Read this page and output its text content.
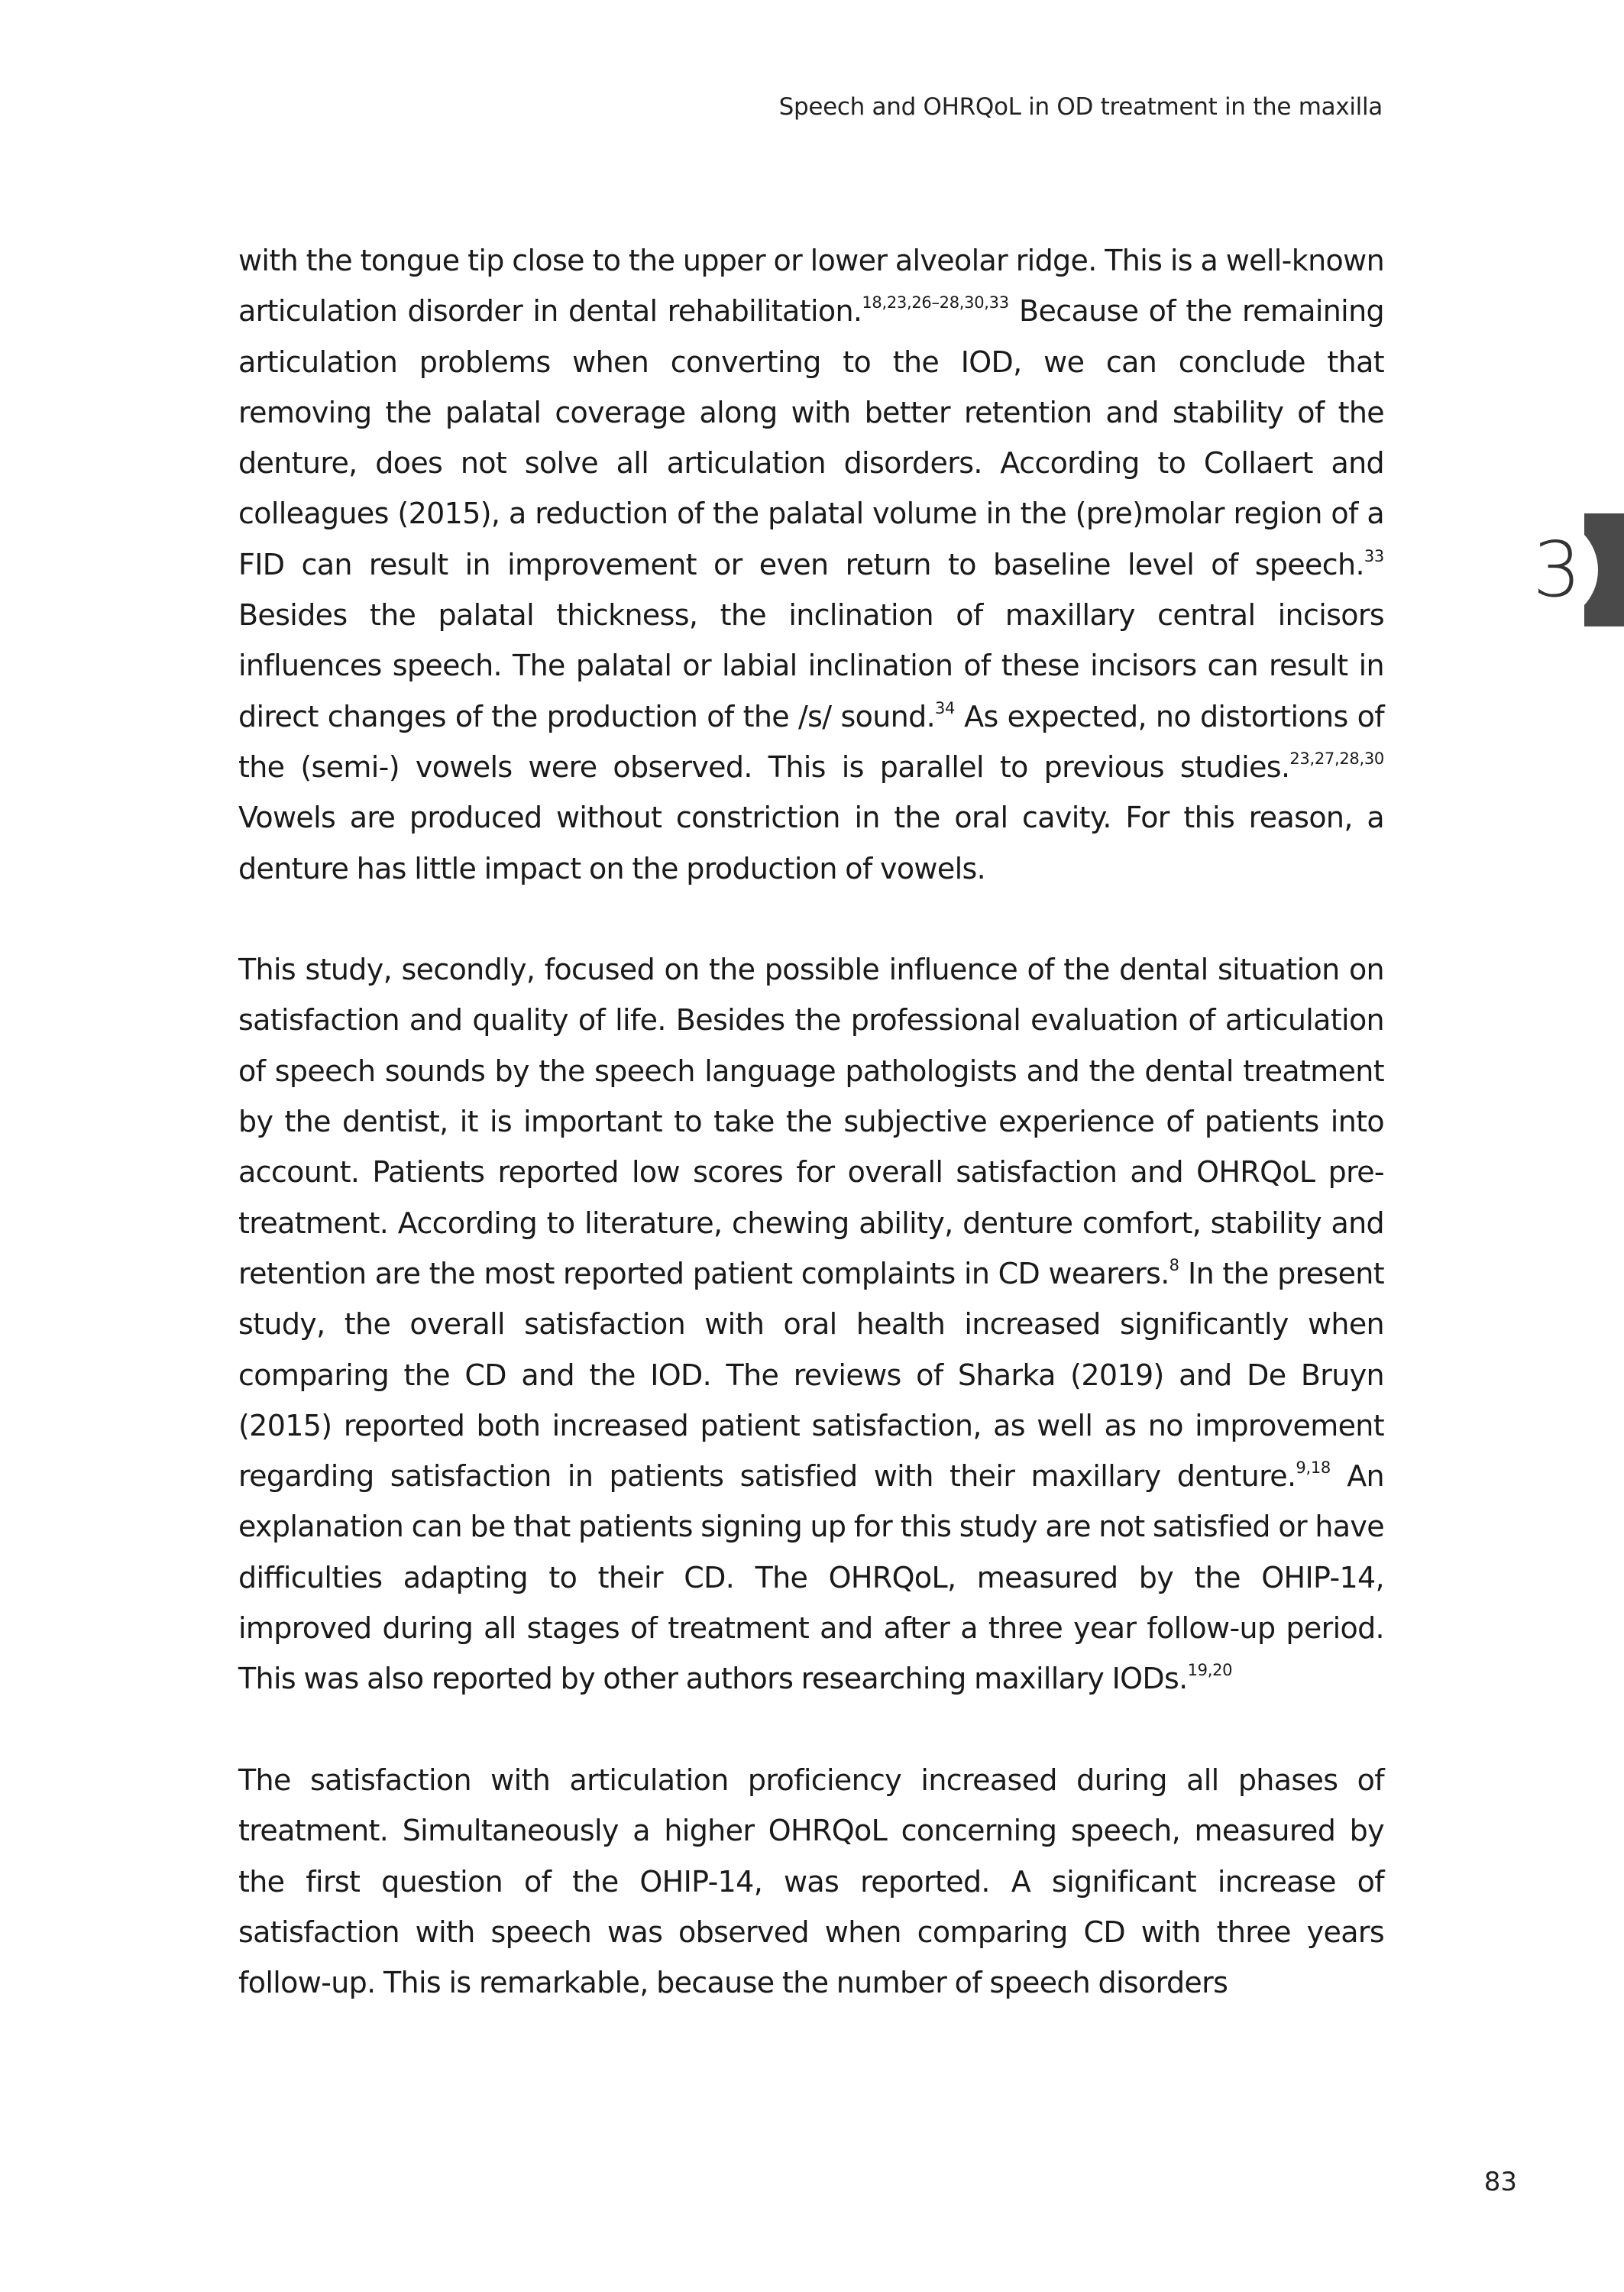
Speech and OHRQoL in OD treatment in the maxilla
3

with the tongue tip close to the upper or lower alveolar ridge. This is a well-known articulation disorder in dental rehabilitation.$^{18,23,26-28,30,33}$ Because of the remaining articulation problems when converting to the IOD, we can conclude that removing the palatal coverage along with better retention and stability of the denture, does not solve all articulation disorders. According to Collaert and colleagues (2015), a reduction of the palatal volume in the (pre)molar region of a FID can result in improvement or even return to baseline level of speech.$^{33}$ Besides the palatal thickness, the inclination of maxillary central incisors influences speech. The palatal or labial inclination of these incisors can result in direct changes of the production of the /s/ sound.$^{34}$ As expected, no distortions of the (semi-) vowels were observed. This is parallel to previous studies.$^{23,27,28,30}$ Vowels are produced without constriction in the oral cavity. For this reason, a denture has little impact on the production of vowels.

This study, secondly, focused on the possible influence of the dental situation on satisfaction and quality of life. Besides the professional evaluation of articulation of speech sounds by the speech language pathologists and the dental treatment by the dentist, it is important to take the subjective experience of patients into account. Patients reported low scores for overall satisfaction and OHRQoL pre-treatment. According to literature, chewing ability, denture comfort, stability and retention are the most reported patient complaints in CD wearers.$^8$ In the present study, the overall satisfaction with oral health increased significantly when comparing the CD and the IOD. The reviews of Sharka (2019) and De Bruyn (2015) reported both increased patient satisfaction, as well as no improvement regarding satisfaction in patients satisfied with their maxillary denture.$^{9,18}$ An explanation can be that patients signing up for this study are not satisfied or have difficulties adapting to their CD. The OHRQoL, measured by the OHIP-14, improved during all stages of treatment and after a three year follow-up period. This was also reported by other authors researching maxillary IODs.$^{19,20}$

The satisfaction with articulation proficiency increased during all phases of treatment. Simultaneously a higher OHRQoL concerning speech, measured by the first question of the OHIP-14, was reported. A significant increase of satisfaction with speech was observed when comparing CD with three years follow-up. This is remarkable, because the number of speech disorders

83
